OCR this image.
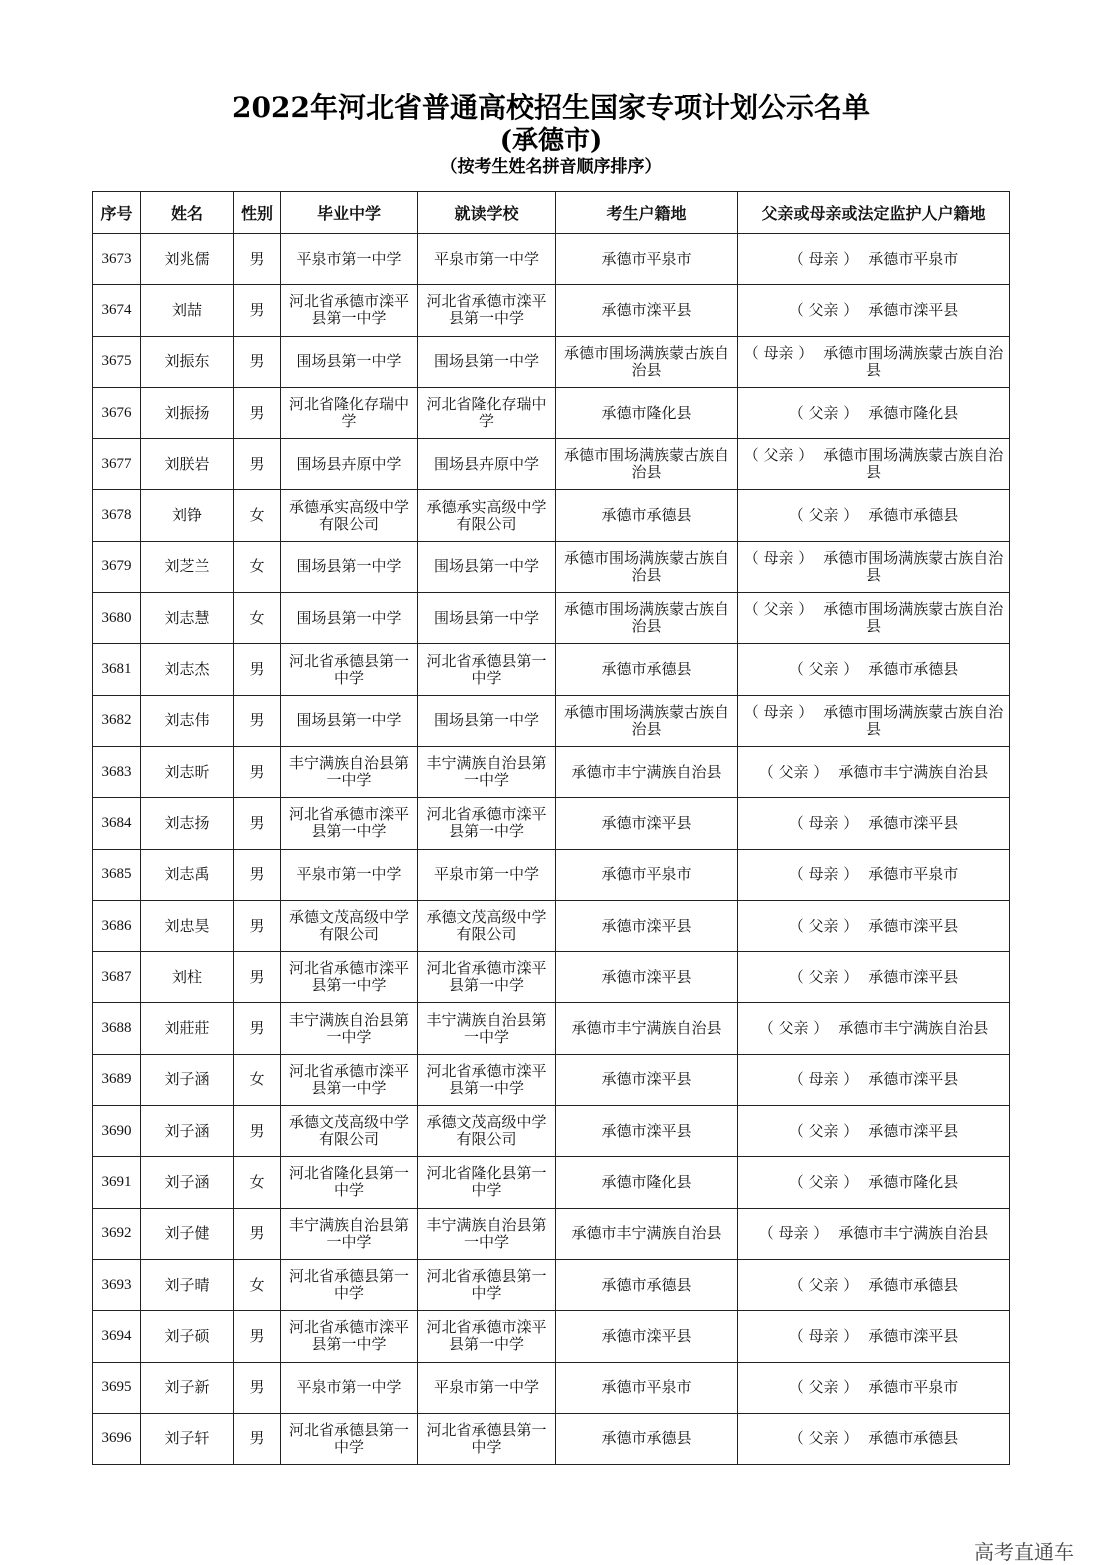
2022年河北省普通高校招生国家专项计划公示名单
(承德市)
（按考生姓名拼音顺序排序）
序号	姓名	性别	毕业中学	就读学校	考生户籍地	父亲或母亲或法定监护人户籍地
3673	刘兆儒	男	平泉市第一中学	平泉市第一中学	承德市平泉市	（ 母亲 ） 承德市平泉市
3674	刘喆	男	河北省承德市滦平县第一中学	河北省承德市滦平县第一中学	承德市滦平县	（ 父亲 ） 承德市滦平县
3675	刘振东	男	围场县第一中学	围场县第一中学	承德市围场满族蒙古族自治县	（ 母亲 ） 承德市围场满族蒙古族自治县
3676	刘振扬	男	河北省隆化存瑞中学	河北省隆化存瑞中学	承德市隆化县	（ 父亲 ） 承德市隆化县
3677	刘朕岩	男	围场县卉原中学	围场县卉原中学	承德市围场满族蒙古族自治县	（ 父亲 ） 承德市围场满族蒙古族自治县
3678	刘铮	女	承德承实高级中学有限公司	承德承实高级中学有限公司	承德市承德县	（ 父亲 ） 承德市承德县
3679	刘芝兰	女	围场县第一中学	围场县第一中学	承德市围场满族蒙古族自治县	（ 母亲 ） 承德市围场满族蒙古族自治县
3680	刘志慧	女	围场县第一中学	围场县第一中学	承德市围场满族蒙古族自治县	（ 父亲 ） 承德市围场满族蒙古族自治县
3681	刘志杰	男	河北省承德县第一中学	河北省承德县第一中学	承德市承德县	（ 父亲 ） 承德市承德县
3682	刘志伟	男	围场县第一中学	围场县第一中学	承德市围场满族蒙古族自治县	（ 母亲 ） 承德市围场满族蒙古族自治县
3683	刘志昕	男	丰宁满族自治县第一中学	丰宁满族自治县第一中学	承德市丰宁满族自治县	（ 父亲 ） 承德市丰宁满族自治县
3684	刘志扬	男	河北省承德市滦平县第一中学	河北省承德市滦平县第一中学	承德市滦平县	（ 母亲 ） 承德市滦平县
3685	刘志禹	男	平泉市第一中学	平泉市第一中学	承德市平泉市	（ 母亲 ） 承德市平泉市
3686	刘忠昊	男	承德文茂高级中学有限公司	承德文茂高级中学有限公司	承德市滦平县	（ 父亲 ） 承德市滦平县
3687	刘柱	男	河北省承德市滦平县第一中学	河北省承德市滦平县第一中学	承德市滦平县	（ 父亲 ） 承德市滦平县
3688	刘莊莊	男	丰宁满族自治县第一中学	丰宁满族自治县第一中学	承德市丰宁满族自治县	（ 父亲 ） 承德市丰宁满族自治县
3689	刘子涵	女	河北省承德市滦平县第一中学	河北省承德市滦平县第一中学	承德市滦平县	（ 母亲 ） 承德市滦平县
3690	刘子涵	男	承德文茂高级中学有限公司	承德文茂高级中学有限公司	承德市滦平县	（ 父亲 ） 承德市滦平县
3691	刘子涵	女	河北省隆化县第一中学	河北省隆化县第一中学	承德市隆化县	（ 父亲 ） 承德市隆化县
3692	刘子健	男	丰宁满族自治县第一中学	丰宁满族自治县第一中学	承德市丰宁满族自治县	（ 母亲 ） 承德市丰宁满族自治县
3693	刘子晴	女	河北省承德县第一中学	河北省承德县第一中学	承德市承德县	（ 父亲 ） 承德市承德县
3694	刘子硕	男	河北省承德市滦平县第一中学	河北省承德市滦平县第一中学	承德市滦平县	（ 母亲 ） 承德市滦平县
3695	刘子新	男	平泉市第一中学	平泉市第一中学	承德市平泉市	（ 父亲 ） 承德市平泉市
3696	刘子轩	男	河北省承德县第一中学	河北省承德县第一中学	承德市承德县	（ 父亲 ） 承德市承德县
高考直通车
